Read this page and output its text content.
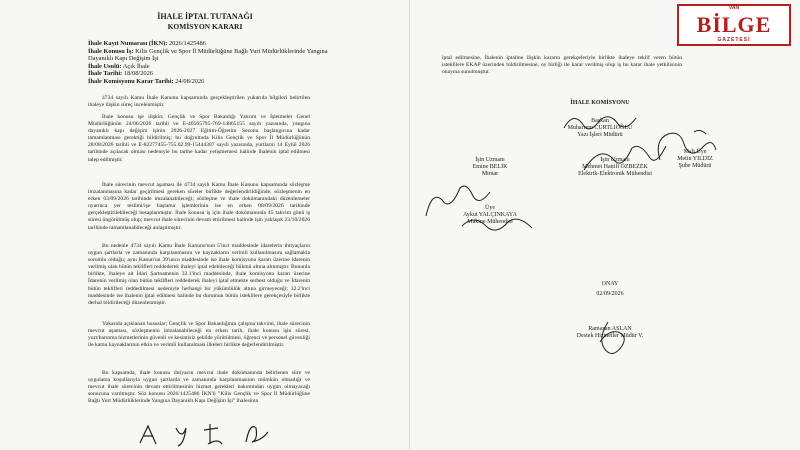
İHALE İPTAL TUTANAĞI
KOMİSYON KARARI
İhale Kayıt Numarası (İKN): 2026/1425486
İhale Konusu İş: Kilis Gençlik ve Spor İl Müdürlüğüne Bağlı Yurt Müdürlüklerinde Yangına
Dayanıklı Kapı Değişim İşi
İhale Usulü: Açık İhale
İhale Tarihi: 18/08/2026
İhale Komisyonu Karar Tarihi: 24/08/2026
4734 sayılı Kamu İhale Kanunu kapsamında gerçekleştirilen yukarıda bilgileri belirtilen ihaleye ilişkin süreç incelenmiştir.
İhale konusu işe ilişkin; Gençlik ve Spor Bakanlığı Yatırım ve İşletmeler Genel Müdürlüğünün 24/06/2026 tarihli ve E-40565795-769-14865155 sayılı yazısında, yangına dayanıklı kapı değişim işinin 2026-2027 Eğitim-Öğretim Sezonu başlangıcına kadar tamamlanması gerektiği bildirilmiş; bu doğrultuda Kilis Gençlik ve Spor İl Müdürlüğünün 28/08/2026 tarihli ve E-82277455-755.02.99-15444387 sayılı yazısında, yurtların 14 Eylül 2026 tarihinde açılacak olması nedeniyle bu tarihe kadar yetişmemesi halinde ihalenin iptal edilmesi talep edilmiştir.
İhale sürecinin mevcut aşaması ile 4734 sayılı Kamu İhale Kanunu kapsamında sözleşme imzalanmasına kadar geçirilmesi gereken süreler birlikte değerlendirildiğinde, sözleşmenin en erken 03/09/2026 tarihinde imzalanabileceği; sözleşme ve ihale dokümanındaki düzenlemeler uyarınca yer teslimi/işe başlama işlemlerinin ise en erken 08/09/2026 tarihinde gerçekleştirilebileceği hesaplanmıştır. İhale konusu iş için ihale dokümanında 45 takvim günü iş süresi öngörülmüş olup; mevcut ihale sürecinin devam ettirilmesi halinde işin yaklaşık 23/10/2026 tarihinde tamamlanabileceği anlaşılmıştır.
Bu nedenle 4734 sayılı Kamu İhale Kanunu'nun 5'inci maddesinde idarelerin ihtiyaçların uygun şartlarla ve zamanında karşılanmasını ve kaynakların verimli kullanılmasını sağlamakla sorumlu olduğu; aynı Kanun'un 39'uncu maddesinde ise ihale komisyonu kararı üzerine idarenin verilmiş olan bütün teklifleri reddederek ihaleyi iptal edebileceği hükmü altına alınmıştır. Bununla birlikte, ihaleye ait İdari Şartnamenin 32.1'inci maddesinde, ihale komisyonu kararı üzerine İdarenin verilmiş olan bütün teklifleri reddederek ihaleyi iptal etmekte serbest olduğu ve İdarenin bütün teklifleri reddedilmesi nedeniyle herhangi bir yükümlülük altına girmeyeceği; 32.2'inci maddesinde ise ihalenin iptal edilmesi halinde bu durumun bütün isteklilere gerekçesiyle birlikte derhal bildirileceği düzenlenmiştir.
Yukarıda açıklanan hususlar; Gençlik ve Spor Bakanlığının çalışma takvimi, ihale sürecinin mevcut aşaması, sözleşmenin imzalanabileceği en erken tarih, ihale konusu işin süresi, yurt/barınma hizmetlerinin güvenli ve kesintisiz şekilde yürütülmesi, öğrenci ve personel güvenliği ile kamu kaynaklarının etkin ve verimli kullanılması ilkeleri birlikte değerlendirilmiştir.
Bu kapsamda, ihale konusu ihtiyacın mevcut ihale dokümanında belirlenen süre ve uygulama koşullarıyla uygun şartlarda ve zamanında karşılanmasının mümkün olmadığı ve mevcut ihale sürecinin devam ettirilmesinin hizmet gerekleri bakımından uygun olmayacağı sonucuna varılmıştır. Söz konusu 2026/1425486 İKN'li "Kilis Gençlik ve Spor İl Müdürlüğüne Bağlı Yurt Müdürlüklerinde Yangına Dayanıklı Kapı Değişim İşi" ihalesinin
iptal edilmesine, İhalenin iptaline ilişkin kararın gerekçeleriyle birlikte ihaleye teklif veren bütün isteklilere EKAP üzerinden bildirilmesine, oy birliği ile karar verilmiş olup iş bu karar ihale yetkilisinin onayına sunulmuştur.
İHALE KOMİSYONU
Başkan
Muharrem CURTLIOĞLU
Yazı İşleri Müdürü
İşin Uzmanı
Emine BELİK
Mimar
İşin Uzmanı
Mehmet Hanifi ÖZBEZEK
Elektrik-Elektronik Mühendisi
Mali Üye
Metin YILDIZ
Şube Müdürü
Üye
Aykut YALÇINKAYA
Makine Mühendisi
ONAY
02/09/2026
Ramazan ASLAN
Destek Hizmetler Müdür V.
VAN
BİLGE
GAZETESİ
